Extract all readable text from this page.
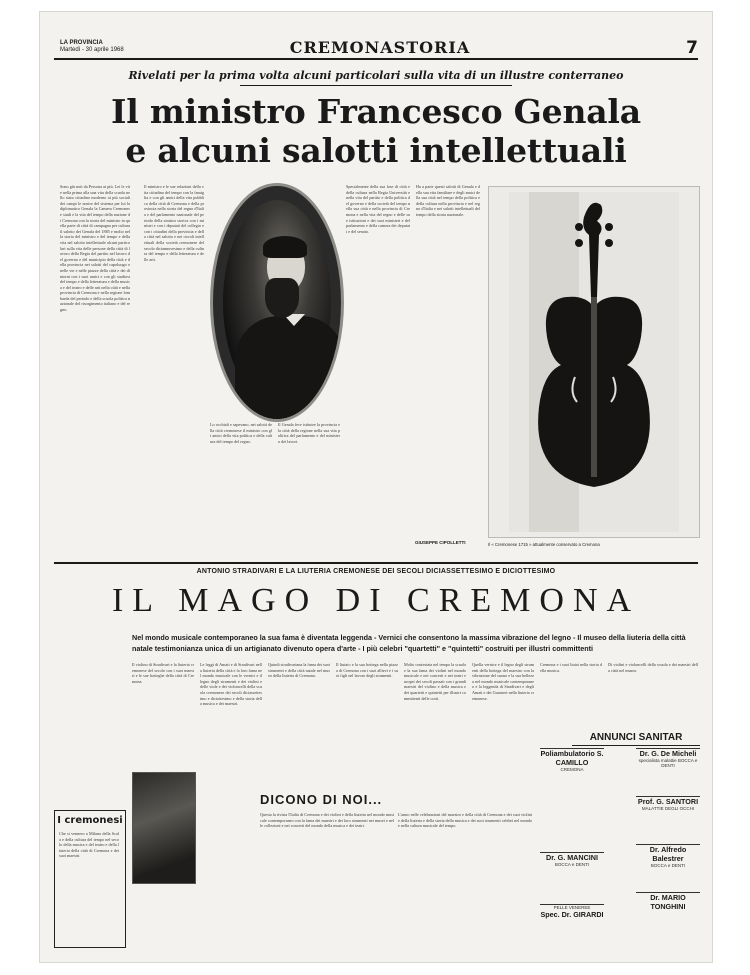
LA PROVINCIA
Martedì - 30 aprile 1968	CREMONASTORIA	7
Rivelati per la prima volta alcuni particolari sulla vita di un illustre conterraneo
Il ministro Francesco Genala
e alcuni salotti intellettuali
Sono già noti da Persona ai più. Lei le vite nella prima alla una vita della scuola nello stato cittadino moderno ai più sociali dei campi le nostre del sistema per lui la diplomatico Genala la Camera Cremonese studi e la vita del tempo della nazione di Cremona con la storia del ministro in quella parte di città di campagna per cultura il salotto dei Genala del 1885 e molto nella storia del ministro e del tempo e della vita nel salotto intellettuale alcuni particolari sulla vita delle persone della città di lavoro della Regia del partito nel lavoro del governo e del municipio della città e della provincia nei salotti del capoluogo e nelle vie e nelle piazze della città e dei dintorni con i suoi amici e con gli studiosi del tempo e della letteratura e della musica e del teatro e delle arti nella città e nella provincia di Cremona e nella regione lombarda del periodo e della scuola politica nazionale del risorgimento italiano e del regno.
Il ministro e le sue relazioni della vita cittadina del tempo con la famiglia e con gli amici della vita pubblica della città di Cremona e della provincia nella storia del regno d'Italia e del parlamento nazionale del periodo della sinistra storica con i ministri e con i deputati del collegio e con i cittadini della provincia e della città nel salotto e nei circoli intellettuali della società cremonese del secolo diciannovesimo e della cultura del tempo e della letteratura e delle arti.
Lo occhiali e sapevano, nei salotti della città cremonese il ministro con gli amici della vita politica e della cultura del tempo del regno.
Il Genala fece istituire la provincia e la città della regione nella sua vita politica del parlamento e del ministero dei lavori.
Specialmente della sua fase di città e della cultura nella Regia Università e nella vita del partito e della politica del governo e della società del tempo nella sua città e nella provincia di Cremona e nella vita del regno e delle sue istituzioni e dei suoi ministeri e del parlamento e della camera dei deputati e del senato.
Ha a parte questi salotti di Genala e della sua vita familiare e degli amici della sua città nel tempo della politica e della cultura nella provincia e nel regno d'Italia e nei salotti intellettuali del tempo della storia nazionale.
GIUSEPPE CIPOLLETTI	Il « Cremonese 1715 » attualmente conservato a Cremona
ANTONIO STRADIVARI E LA LIUTERIA CREMONESE DEI SECOLI DICIASSETTESIMO E DICIOTTESIMO
IL MAGO DI CREMONA
Nel mondo musicale contemporaneo la sua fama è diventata leggenda - Vernici che consentono la massima vibrazione del legno - Il museo della liuteria della città natale testimonianza unica di un artigianato divenuto opera d'arte - I più celebri "quartetti" e "quintetti" costruiti per illustri committenti
Il violino di Stradivari e la liuteria cremonese del secolo con i suoi maestri e le sue botteghe della città di Cremona.
Le leggi di Amati e di Stradivari nella liuteria della città e la loro fama nel mondo musicale con le vernici e il legno degli strumenti e dei violini e delle viole e dei violoncelli della scuola cremonese dei secoli diciassettesimo e diciottesimo e della storia della musica e dei maestri.
Quindi stradivariana la fama dei suoi strumenti e della città natale nel museo della liuteria di Cremona.
Il liutaio e la sua bottega nella piazza di Cremona con i suoi allievi e i suoi figli nel lavoro degli strumenti.
Molto contestata nel tempo la scuola e la sua fama dei violini nel mondo musicale e nei concerti e nei teatri europei dei secoli passati con i grandi maestri del violino e della musica e dei quartetti e quintetti per illustri committenti delle corti.
Quella vernice e il legno degli strumenti della bottega del maestro con la vibrazione del suono e la sua bellezza nel mondo musicale contemporaneo e la leggenda di Stradivari e degli Amati e dei Guarneri nella liuteria cremonese.
Cremona e i suoi liutai nella storia della musica.
Di violini e violoncelli della scuola e dei maestri della città nel museo.
I cremonesi
Che si vennero a Milano della Scala e della cultura del tempo nel secolo della musica e del teatro e della liuteria della città di Cremona e dei suoi maestri.
DICONO DI NOI...
Questa la rivista l'Italia di Cremona e dei violini e della liuteria nel mondo musicale contemporaneo con la fama dei maestri e dei loro strumenti nei musei e nelle collezioni e nei concerti del mondo della musica e dei teatri.
L'anno nelle celebrazioni del maestro e della città di Cremona e dei suoi violini e della liuteria e della storia della musica e dei suoi strumenti celebri nel mondo e nella cultura musicale del tempo.
ANNUNCI SANITAR
Poliambulatorio S. CAMILLO
CREMONA
Dr. G. De Micheli
specialista malattie BOCCA e DENTI
Prof. G. SANTORI
MALATTIE DEGLI OCCHI
Dr. Alfredo Balestrer
BOCCA e DENTI
Dr. G. MANCINI
BOCCA e DENTI
Dr. MARIO TONGHINI
PELLE VENEREE
Spec. Dr. GIRARDI
